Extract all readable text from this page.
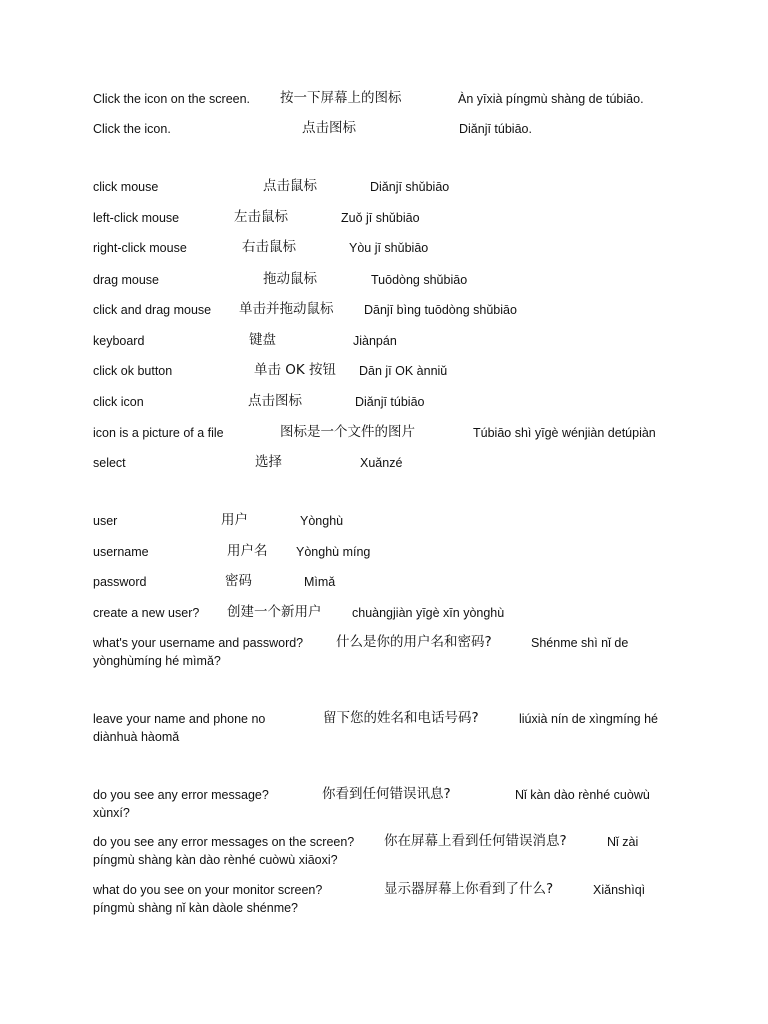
Click the icon on the screen. 按一下屏幕上的图标	Àn yīxià píngmù shàng de túbiāo.
Click the icon.	点击图标	Diǎnjī túbiāo.
click mouse	点击鼠标	Diǎnjī shǔbiāo
left-click mouse	左击鼠标	Zuǒ jī shǔbiāo
right-click mouse	右击鼠标	Yòu jī shǔbiāo
drag mouse	拖动鼠标	Tuōdòng shǔbiāo
click and drag mouse 单击并拖动鼠标 Dānjī bìng tuōdòng shǔbiāo
keyboard	键盘	Jiànpán
click ok button	单击 OK 按钮 Dān jī OK ànniǔ
click icon	点击图标	Diǎnjī túbiāo
icon is a picture of a file	图标是一个文件的图片	Túbiāo shì yīgè wénjiàn detúpiàn
select	选择	Xuǎnzé
user	用户	Yònghù
username	用户名 Yònghù míng
password	密码	Mìmǎ
create a new user? 创建一个新用户 chuàngjiàn yīgè xīn yònghù
what's your username and password? 什么是你的用户名和密码?	Shénme shì nǐ de
yònghùmíng hé mìmǎ?
leave your name and phone no	留下您的姓名和电话号码?	liúxià nín de xìngmíng hé
diànhuà hàomǎ
do you see any error message?	你看到任何错误讯息?	Nǐ kàn dào rènhé cuòwù
xùnxí?
do you see any error messages on the screen? 你在屏幕上看到任何错误消息?	Nǐ zài
píngmù shàng kàn dào rènhé cuòwù xiāoxi?
what do you see on your monitor screen?	显示器屏幕上你看到了什么?	Xiǎnshìqì
píngmù shàng nǐ kàn dàole shénme?
